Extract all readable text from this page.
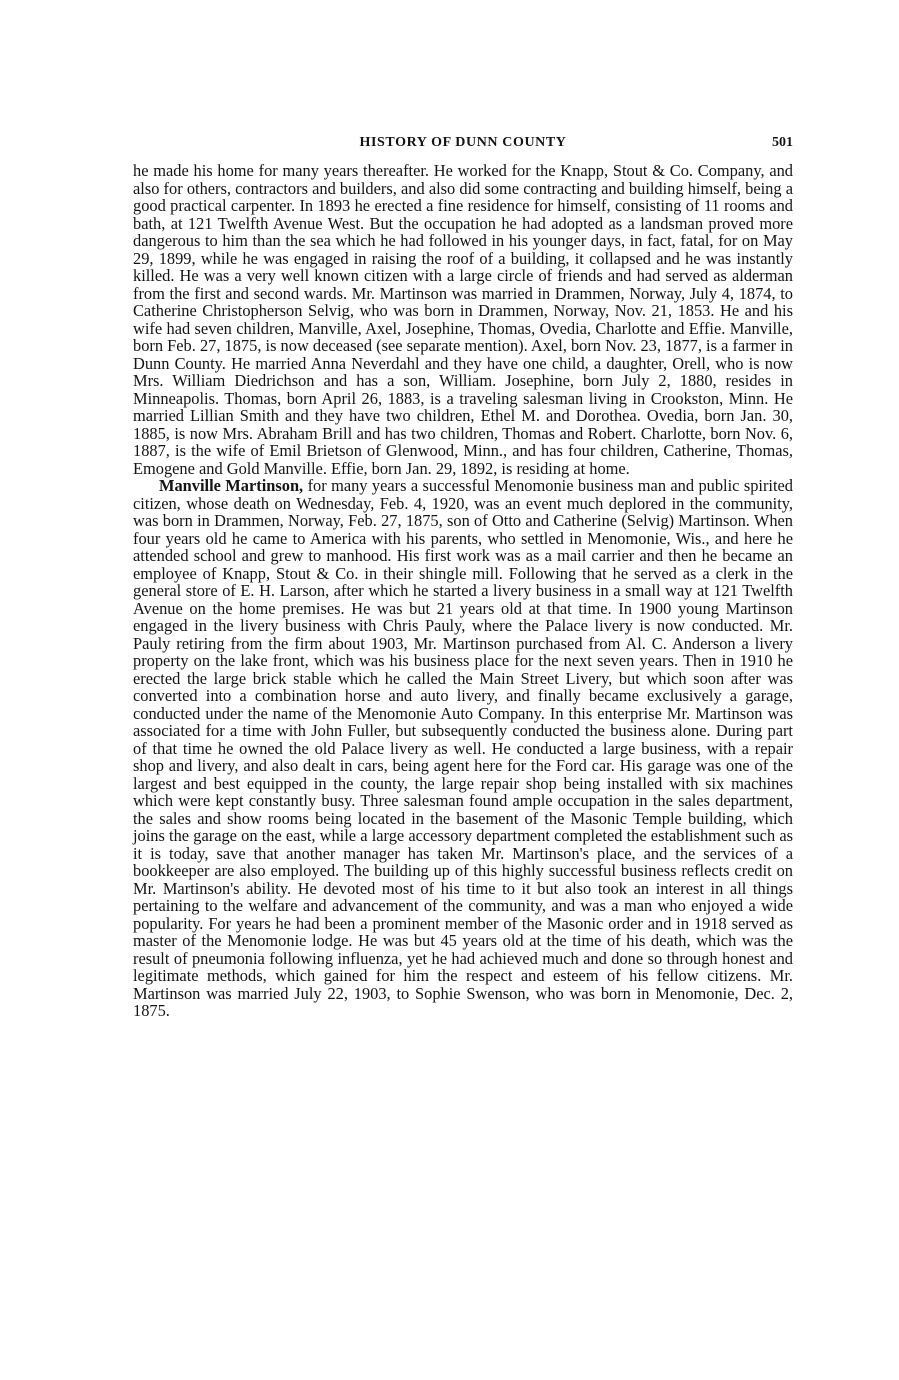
HISTORY OF DUNN COUNTY	501

he made his home for many years thereafter. He worked for the Knapp, Stout & Co. Company, and also for others, contractors and builders, and also did some contracting and building himself, being a good practical carpenter. In 1893 he erected a fine residence for himself, consisting of 11 rooms and bath, at 121 Twelfth Avenue West. But the occupation he had adopted as a landsman proved more dangerous to him than the sea which he had followed in his younger days, in fact, fatal, for on May 29, 1899, while he was engaged in raising the roof of a building, it collapsed and he was instantly killed. He was a very well known citizen with a large circle of friends and had served as alderman from the first and second wards. Mr. Martinson was married in Drammen, Norway, July 4, 1874, to Catherine Christopherson Selvig, who was born in Drammen, Norway, Nov. 21, 1853. He and his wife had seven children, Manville, Axel, Josephine, Thomas, Ovedia, Charlotte and Effie. Manville, born Feb. 27, 1875, is now deceased (see separate mention). Axel, born Nov. 23, 1877, is a farmer in Dunn County. He married Anna Neverdahl and they have one child, a daughter, Orell, who is now Mrs. William Diedrichson and has a son, William. Josephine, born July 2, 1880, resides in Minneapolis. Thomas, born April 26, 1883, is a traveling salesman living in Crookston, Minn. He married Lillian Smith and they have two children, Ethel M. and Dorothea. Ovedia, born Jan. 30, 1885, is now Mrs. Abraham Brill and has two children, Thomas and Robert. Charlotte, born Nov. 6, 1887, is the wife of Emil Brietson of Glenwood, Minn., and has four children, Catherine, Thomas, Emogene and Gold Manville. Effie, born Jan. 29, 1892, is residing at home.

Manville Martinson, for many years a successful Menomonie business man and public spirited citizen, whose death on Wednesday, Feb. 4, 1920, was an event much deplored in the community, was born in Drammen, Norway, Feb. 27, 1875, son of Otto and Catherine (Selvig) Martinson. When four years old he came to America with his parents, who settled in Menomonie, Wis., and here he attended school and grew to manhood. His first work was as a mail carrier and then he became an employee of Knapp, Stout & Co. in their shingle mill. Following that he served as a clerk in the general store of E. H. Larson, after which he started a livery business in a small way at 121 Twelfth Avenue on the home premises. He was but 21 years old at that time. In 1900 young Martinson engaged in the livery business with Chris Pauly, where the Palace livery is now conducted. Mr. Pauly retiring from the firm about 1903, Mr. Martinson purchased from Al. C. Anderson a livery property on the lake front, which was his business place for the next seven years. Then in 1910 he erected the large brick stable which he called the Main Street Livery, but which soon after was converted into a combination horse and auto livery, and finally became exclusively a garage, conducted under the name of the Menomonie Auto Company. In this enterprise Mr. Martinson was associated for a time with John Fuller, but subsequently conducted the business alone. During part of that time he owned the old Palace livery as well. He conducted a large business, with a repair shop and livery, and also dealt in cars, being agent here for the Ford car. His garage was one of the largest and best equipped in the county, the large repair shop being installed with six machines which were kept constantly busy. Three salesman found ample occupation in the sales department, the sales and show rooms being located in the basement of the Masonic Temple building, which joins the garage on the east, while a large accessory department completed the establishment such as it is today, save that another manager has taken Mr. Martinson's place, and the services of a bookkeeper are also employed. The building up of this highly successful business reflects credit on Mr. Martinson's ability. He devoted most of his time to it but also took an interest in all things pertaining to the welfare and advancement of the community, and was a man who enjoyed a wide popularity. For years he had been a prominent member of the Masonic order and in 1918 served as master of the Menomonie lodge. He was but 45 years old at the time of his death, which was the result of pneumonia following influenza, yet he had achieved much and done so through honest and legitimate methods, which gained for him the respect and esteem of his fellow citizens. Mr. Martinson was married July 22, 1903, to Sophie Swenson, who was born in Menomonie, Dec. 2, 1875.
